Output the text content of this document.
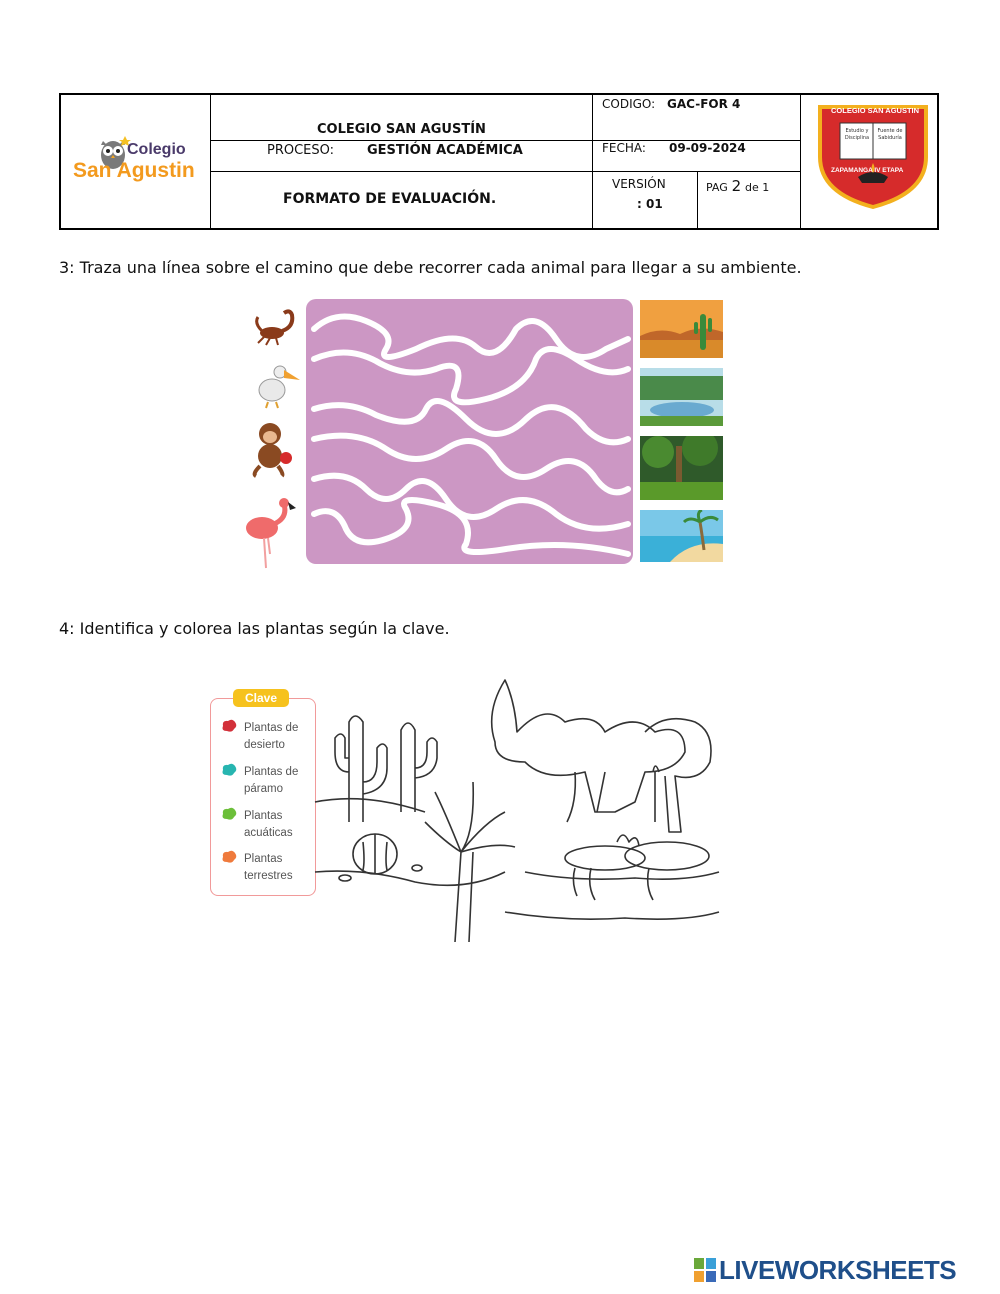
Colegio
San Agustin
COLEGIO SAN AGUSTÍN
PROCESO:	GESTIÓN ACADÉMICA
FORMATO DE EVALUACIÓN.
CODIGO: GAC-FOR 4
FECHA: 09-09-2024
VERSIÓN
: 01
PAG 2 de 1
COLEGIO SAN AGUSTIN
Estudio y Disciplina
Fuente de Sabiduría
ZAPAMANGA IV ETAPA
3: Traza una línea sobre el camino que debe recorrer cada animal para llegar a su ambiente.
4: Identifica y colorea las plantas según la clave.
Clave
Plantas de
desierto
Plantas de
páramo
Plantas
acuáticas
Plantas
terrestres
LIVEWORKSHEETS
